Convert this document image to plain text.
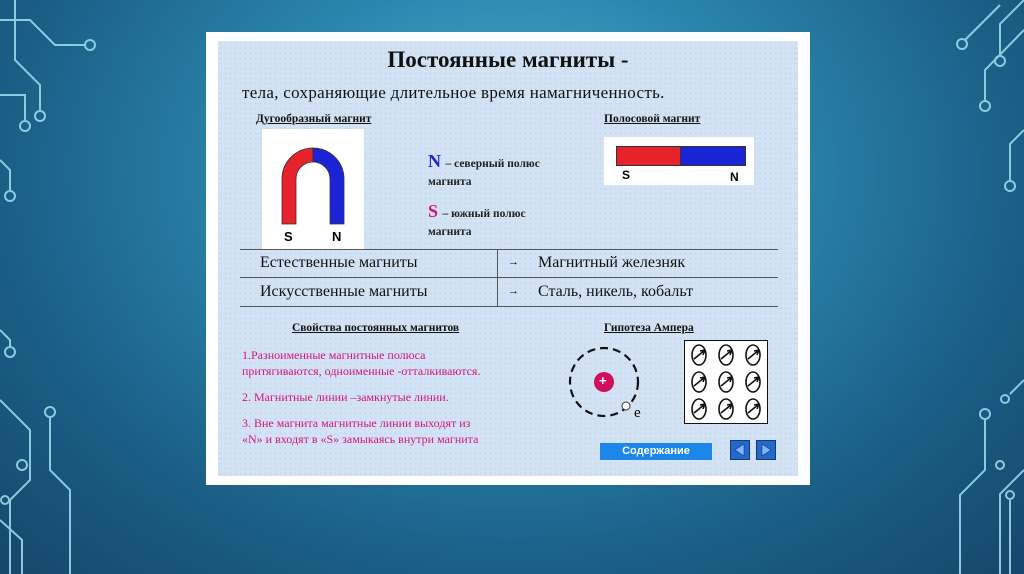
Постоянные магниты -
тела, сохраняющие длительное время намагниченность.
Дугообразный магнит
S	N
N – северный полюс
магнита
S – южный полюс
магнита
Полосовой магнит
S	N
Естественные магниты	→ Магнитный железняк
Искусственные магниты	→ Сталь, никель, кобальт
Свойства постоянных магнитов
1.Разноименные магнитные полюса
притягиваются, одноименные -отталкиваются.
2. Магнитные линии –замкнутые линии.
3. Вне магнита магнитные линии выходят из
«N» и входят в «S» замыкаясь внутри магнита
Гипотеза Ампера
+
e
Содержание
